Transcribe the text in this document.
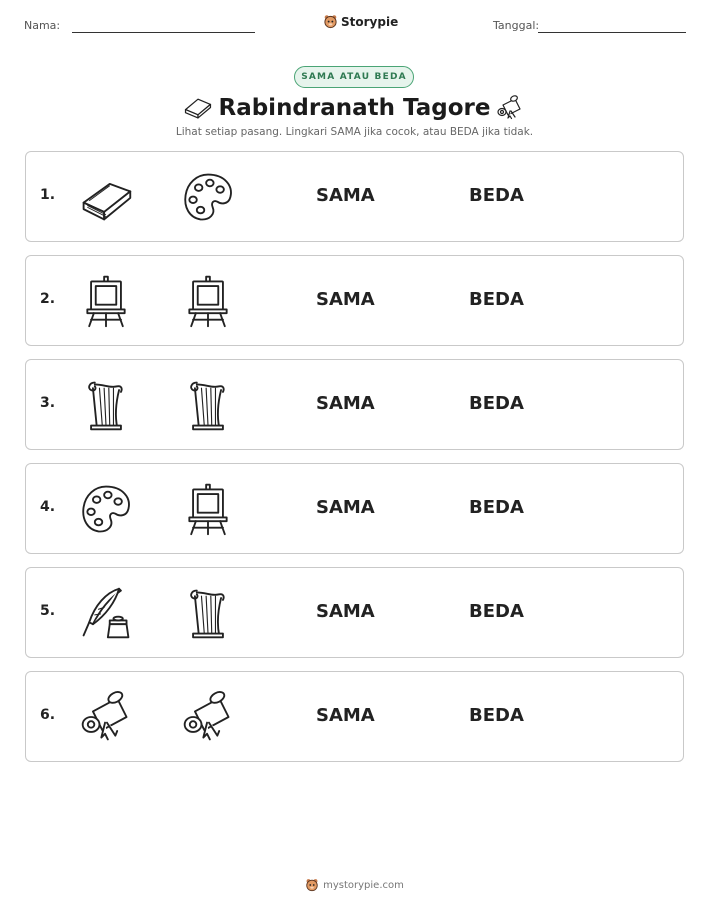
Nama:	Storypie	Tanggal:
SAMA ATAU BEDA
Rabindranath Tagore
Lihat setiap pasang. Lingkari SAMA jika cocok, atau BEDA jika tidak.
1.	SAMA	BEDA
2.	SAMA	BEDA
3.	SAMA	BEDA
4.	SAMA	BEDA
5.	SAMA	BEDA
6.	SAMA	BEDA
mystorypie.com
